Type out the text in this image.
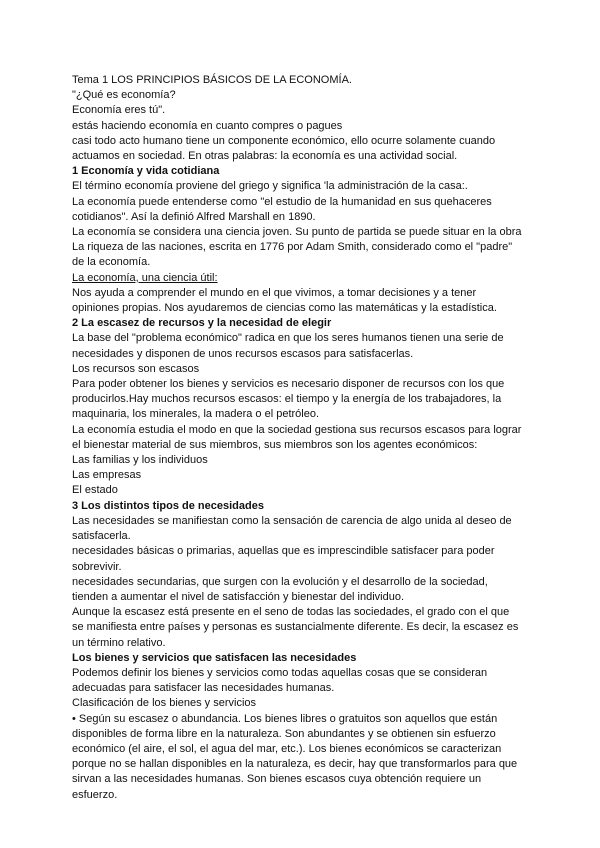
Tema 1 LOS PRINCIPIOS BÁSICOS DE LA ECONOMÍA.
"¿Qué es economía?
Economía eres tú".
estás haciendo economía en cuanto compres o pagues
casi todo acto humano tiene un componente económico, ello ocurre solamente cuando
actuamos en sociedad. En otras palabras: la economía es una actividad social.
1 Economía y vida cotidiana
El término economía proviene del griego y significa 'la administración de la casa:.
La economía puede entenderse como "el estudio de la humanidad en sus quehaceres
cotidianos". Así la definió Alfred Marshall en 1890.
La economía se considera una ciencia joven. Su punto de partida se puede situar en la obra
La riqueza de las naciones, escrita en 1776 por Adam Smith, considerado como el "padre"
de la economía.
La economía, una ciencia útil:
Nos ayuda a comprender el mundo en el que vivimos, a tomar decisiones y a tener
opiniones propias. Nos ayudaremos de ciencias como las matemáticas y la estadística.
2 La escasez de recursos y la necesidad de elegir
La base del "problema económico" radica en que los seres humanos tienen una serie de
necesidades y disponen de unos recursos escasos para satisfacerlas.
Los recursos son escasos
Para poder obtener los bienes y servicios es necesario disponer de recursos con los que
producirlos.Hay muchos recursos escasos: el tiempo y la energía de los trabajadores, la
maquinaria, los minerales, la madera o el petróleo.
La economía estudia el modo en que la sociedad gestiona sus recursos escasos para lograr
el bienestar material de sus miembros, sus miembros son los agentes económicos:
Las familias y los individuos
Las empresas
El estado
3 Los distintos tipos de necesidades
Las necesidades se manifiestan como la sensación de carencia de algo unida al deseo de
satisfacerla.
necesidades básicas o primarias, aquellas que es imprescindible satisfacer para poder
sobrevivir.
necesidades secundarias, que surgen con la evolución y el desarrollo de la sociedad,
tienden a aumentar el nivel de satisfacción y bienestar del individuo.
Aunque la escasez está presente en el seno de todas las sociedades, el grado con el que
se manifiesta entre países y personas es sustancialmente diferente. Es decir, la escasez es
un término relativo.
Los bienes y servicios que satisfacen las necesidades
Podemos definir los bienes y servicios como todas aquellas cosas que se consideran
adecuadas para satisfacer las necesidades humanas.
Clasificación de los bienes y servicios
• Según su escasez o abundancia. Los bienes libres o gratuitos son aquellos que están
disponibles de forma libre en la naturaleza. Son abundantes y se obtienen sin esfuerzo
económico (el aire, el sol, el agua del mar, etc.). Los bienes económicos se caracterizan
porque no se hallan disponibles en la naturaleza, es decir, hay que transformarlos para que
sirvan a las necesidades humanas. Son bienes escasos cuya obtención requiere un
esfuerzo.
